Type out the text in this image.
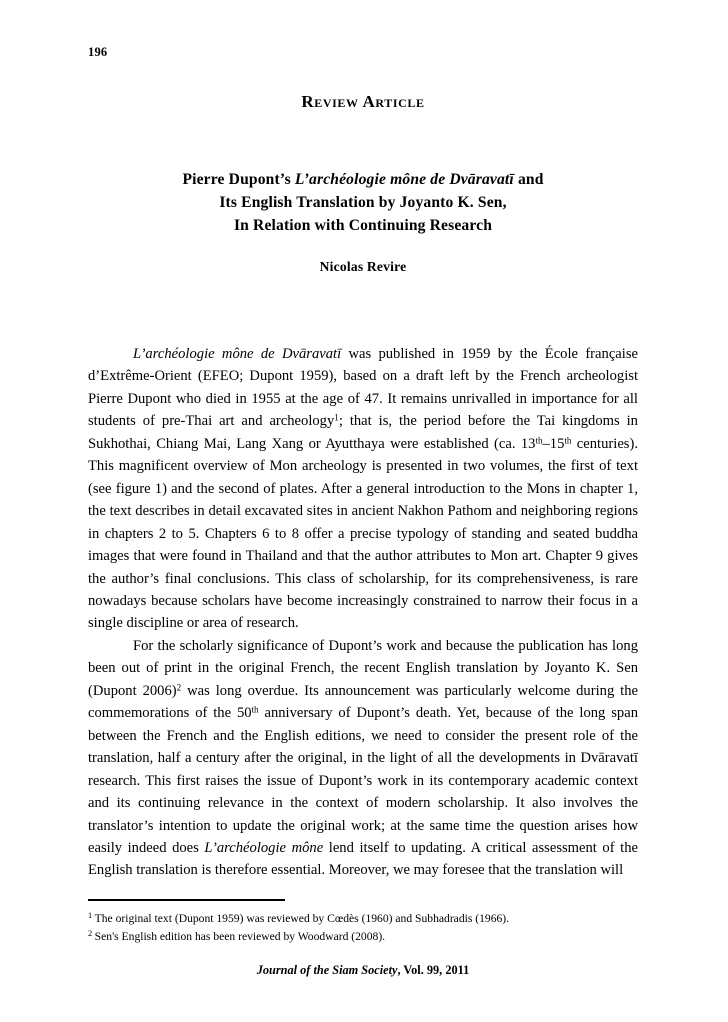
196
Review Article
Pierre Dupont’s L’archéologie mône de Dvāravatī and
Its English Translation by Joyanto K. Sen,
In Relation with Continuing Research
Nicolas Revire

L’archéologie mône de Dvāravatī was published in 1959 by the École française d’Extrême-Orient (EFEO; Dupont 1959), based on a draft left by the French archeologist Pierre Dupont who died in 1955 at the age of 47. It remains unrivalled in importance for all students of pre-Thai art and archeology$^1$; that is, the period before the Tai kingdoms in Sukhothai, Chiang Mai, Lang Xang or Ayutthaya were established (ca. 13th–15th centuries). This magnificent overview of Mon archeology is presented in two volumes, the first of text (see figure 1) and the second of plates. After a general introduction to the Mons in chapter 1, the text describes in detail excavated sites in ancient Nakhon Pathom and neighboring regions in chapters 2 to 5. Chapters 6 to 8 offer a precise typology of standing and seated buddha images that were found in Thailand and that the author attributes to Mon art. Chapter 9 gives the author’s final conclusions. This class of scholarship, for its comprehensiveness, is rare nowadays because scholars have become increasingly constrained to narrow their focus in a single discipline or area of research.

For the scholarly significance of Dupont’s work and because the publication has long been out of print in the original French, the recent English translation by Joyanto K. Sen (Dupont 2006)$^2$ was long overdue. Its announcement was particularly welcome during the commemorations of the 50th anniversary of Dupont’s death. Yet, because of the long span between the French and the English editions, we need to consider the present role of the translation, half a century after the original, in the light of all the developments in Dvāravatī research. This first raises the issue of Dupont’s work in its contemporary academic context and its continuing relevance in the context of modern scholarship. It also involves the translator’s intention to update the original work; at the same time the question arises how easily indeed does L’archéologie mône lend itself to updating. A critical assessment of the English translation is therefore essential. Moreover, we may foresee that the translation will

$^1$ The original text (Dupont 1959) was reviewed by Cœdès (1960) and Subhadradis (1966).

$^2$ Sen's English edition has been reviewed by Woodward (2008).

Journal of the Siam Society, Vol. 99, 2011
